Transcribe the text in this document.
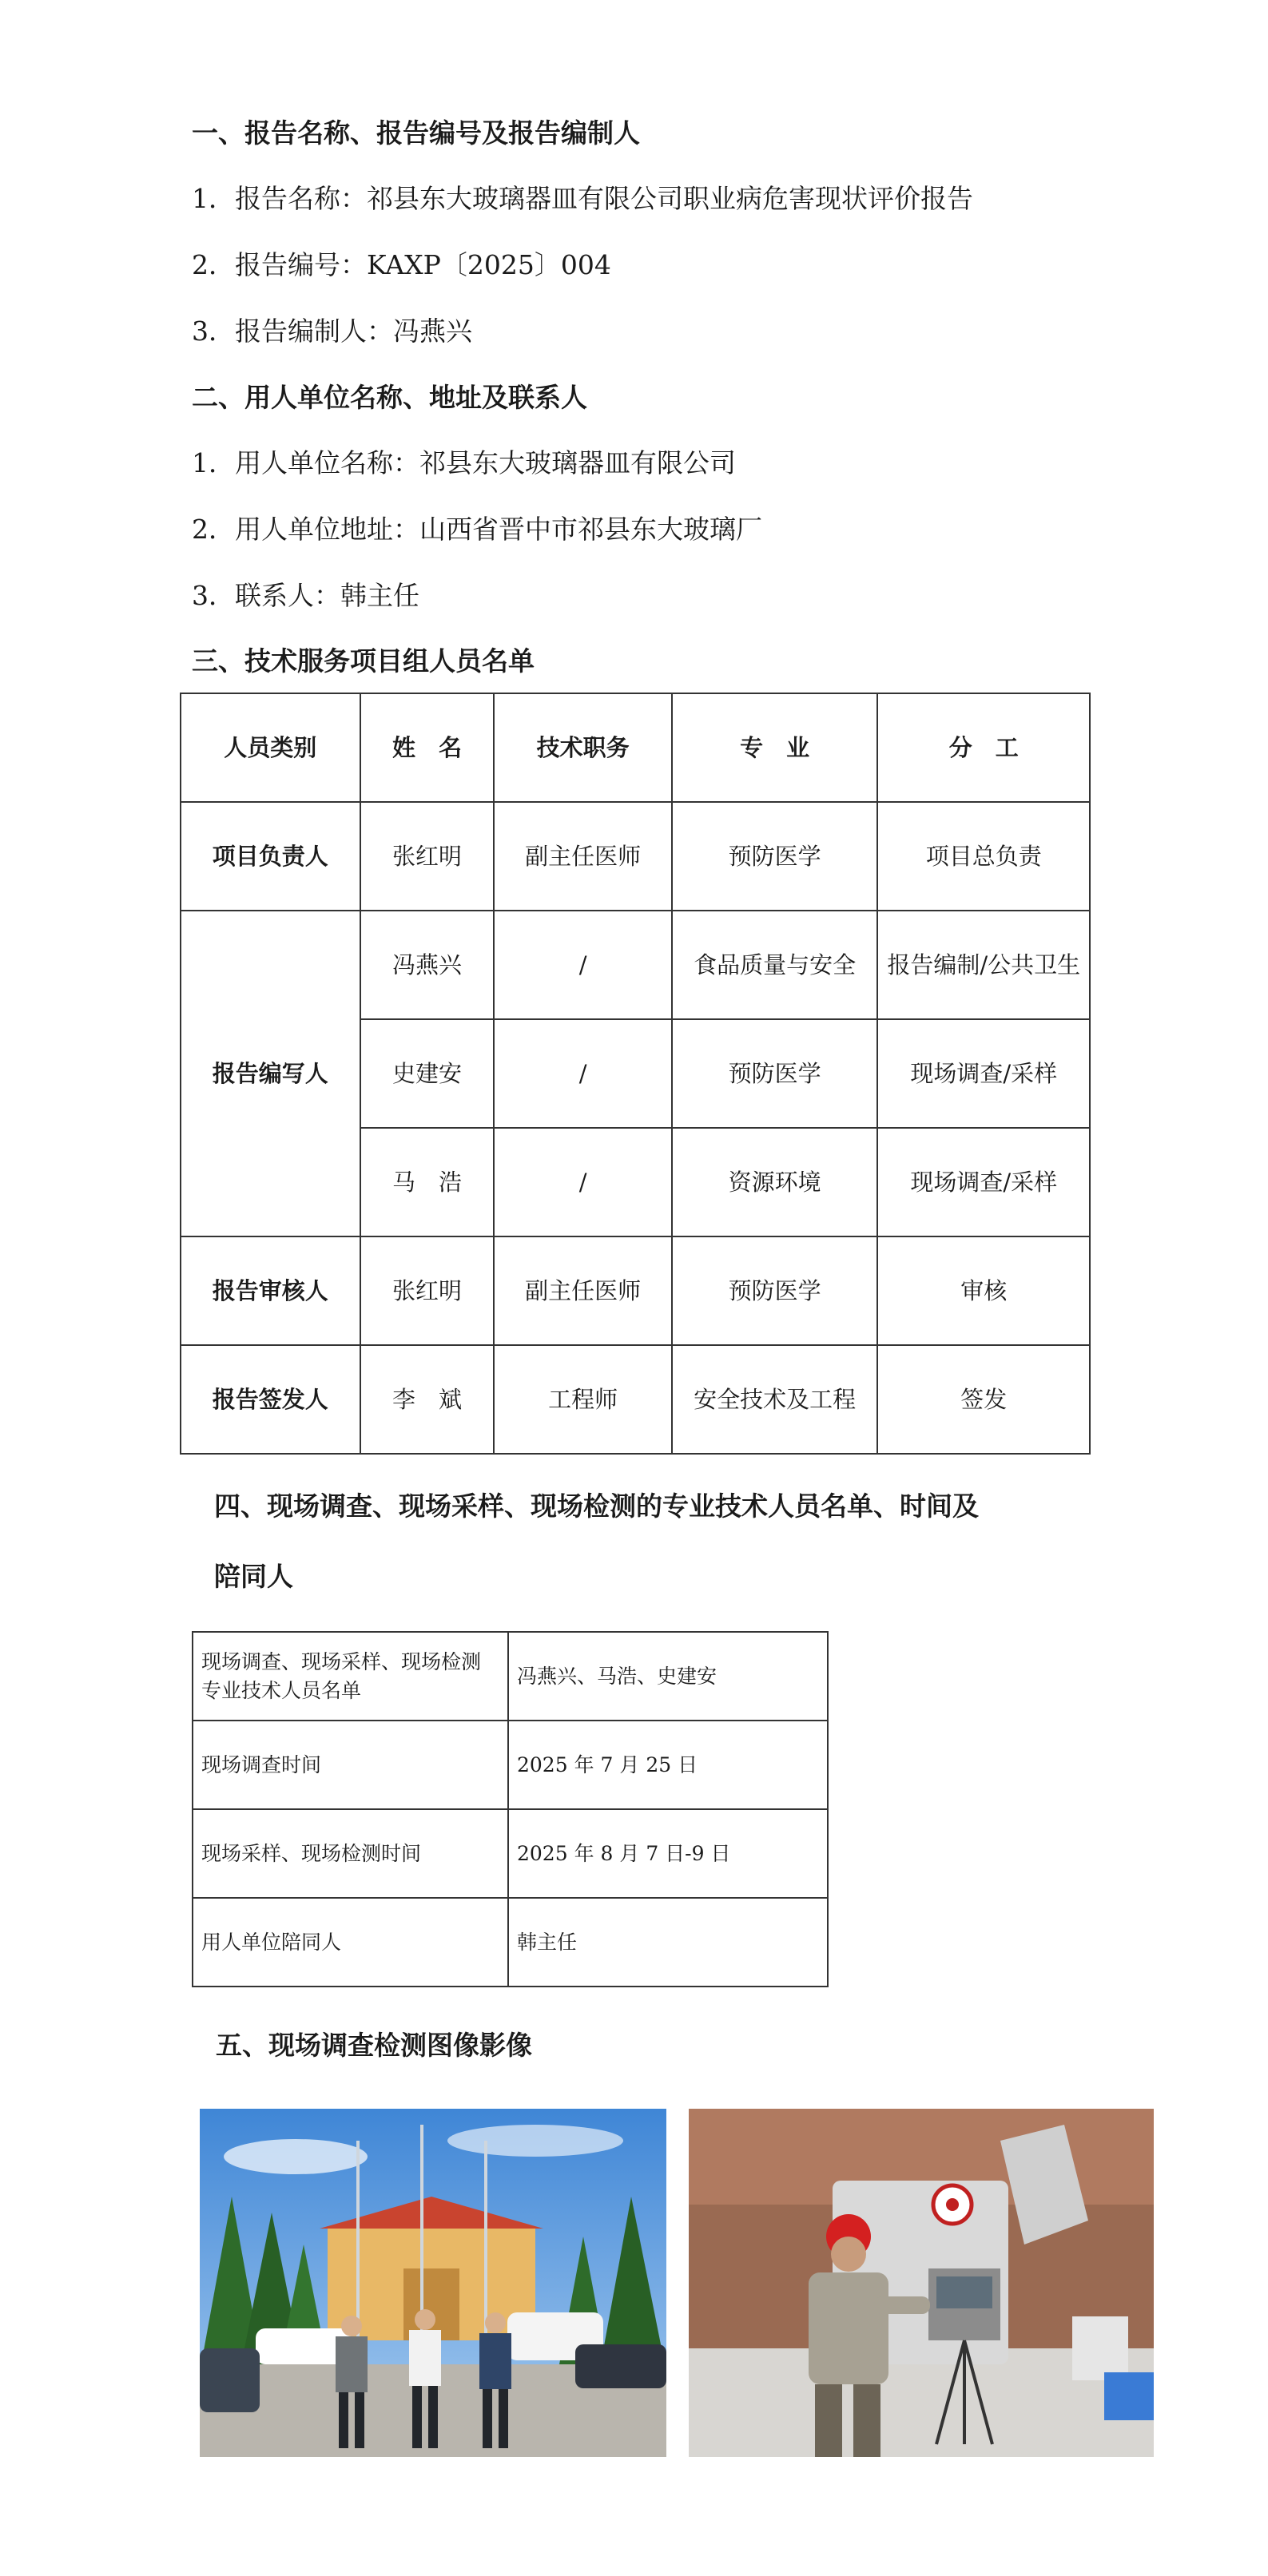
一、报告名称、报告编号及报告编制人
1．报告名称：祁县东大玻璃器皿有限公司职业病危害现状评价报告
2．报告编号：KAXP〔2025〕004
3．报告编制人：冯燕兴
二、用人单位名称、地址及联系人
1．用人单位名称：祁县东大玻璃器皿有限公司
2．用人单位地址：山西省晋中市祁县东大玻璃厂
3．联系人：韩主任
三、技术服务项目组人员名单
人员类别	姓　名	技术职务	专　业	分　工
项目负责人	张红明	副主任医师	预防医学	项目总负责
报告编写人	冯燕兴	/	食品质量与安全	报告编制/公共卫生
	史建安	/	预防医学	现场调查/采样
	马　浩	/	资源环境	现场调查/采样
报告审核人	张红明	副主任医师	预防医学	审核
报告签发人	李　斌	工程师	安全技术及工程	签发
四、现场调查、现场采样、现场检测的专业技术人员名单、时间及
陪同人
现场调查、现场采样、现场检测专业技术人员名单	冯燕兴、马浩、史建安
现场调查时间	2025 年 7 月 25 日
现场采样、现场检测时间	2025 年 8 月 7 日-9 日
用人单位陪同人	韩主任
五、现场调查检测图像影像
